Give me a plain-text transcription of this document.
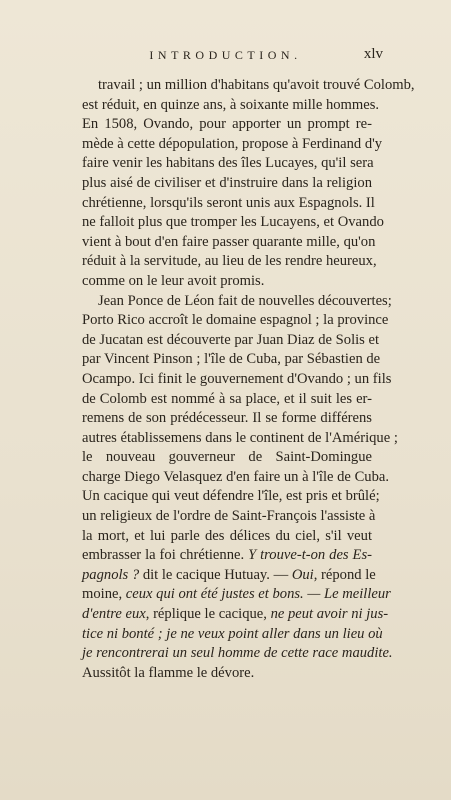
INTRODUCTION.	xlv
travail ; un million d'habitans qu'avoit trouvé Colomb,
est réduit, en quinze ans, à soixante mille hommes.
En 1508, Ovando, pour apporter un prompt re-
mède à cette dépopulation, propose à Ferdinand d'y
faire venir les habitans des îles Lucayes, qu'il sera
plus aisé de civiliser et d'instruire dans la religion
chrétienne, lorsqu'ils seront unis aux Espagnols. Il
ne falloit plus que tromper les Lucayens, et Ovando
vient à bout d'en faire passer quarante mille, qu'on
réduit à la servitude, au lieu de les rendre heureux,
comme on le leur avoit promis.
Jean Ponce de Léon fait de nouvelles découvertes;
Porto Rico accroît le domaine espagnol ; la province
de Jucatan est découverte par Juan Diaz de Solis et
par Vincent Pinson ; l'île de Cuba, par Sébastien de
Ocampo. Ici finit le gouvernement d'Ovando ; un fils
de Colomb est nommé à sa place, et il suit les er-
remens de son prédécesseur. Il se forme différens
autres établissemens dans le continent de l'Amérique ;
le nouveau gouverneur de Saint-Domingue
charge Diego Velasquez d'en faire un à l'île de Cuba.
Un cacique qui veut défendre l'île, est pris et brûlé;
un religieux de l'ordre de Saint-François l'assiste à
la mort, et lui parle des délices du ciel, s'il veut
embrasser la foi chrétienne. Y trouve-t-on des Es-
pagnols ? dit le cacique Hutuay. — Oui, répond le
moine, ceux qui ont été justes et bons. — Le meilleur
d'entre eux, réplique le cacique, ne peut avoir ni jus-
tice ni bonté ; je ne veux point aller dans un lieu où
je rencontrerai un seul homme de cette race maudite.
Aussitôt la flamme le dévore.
